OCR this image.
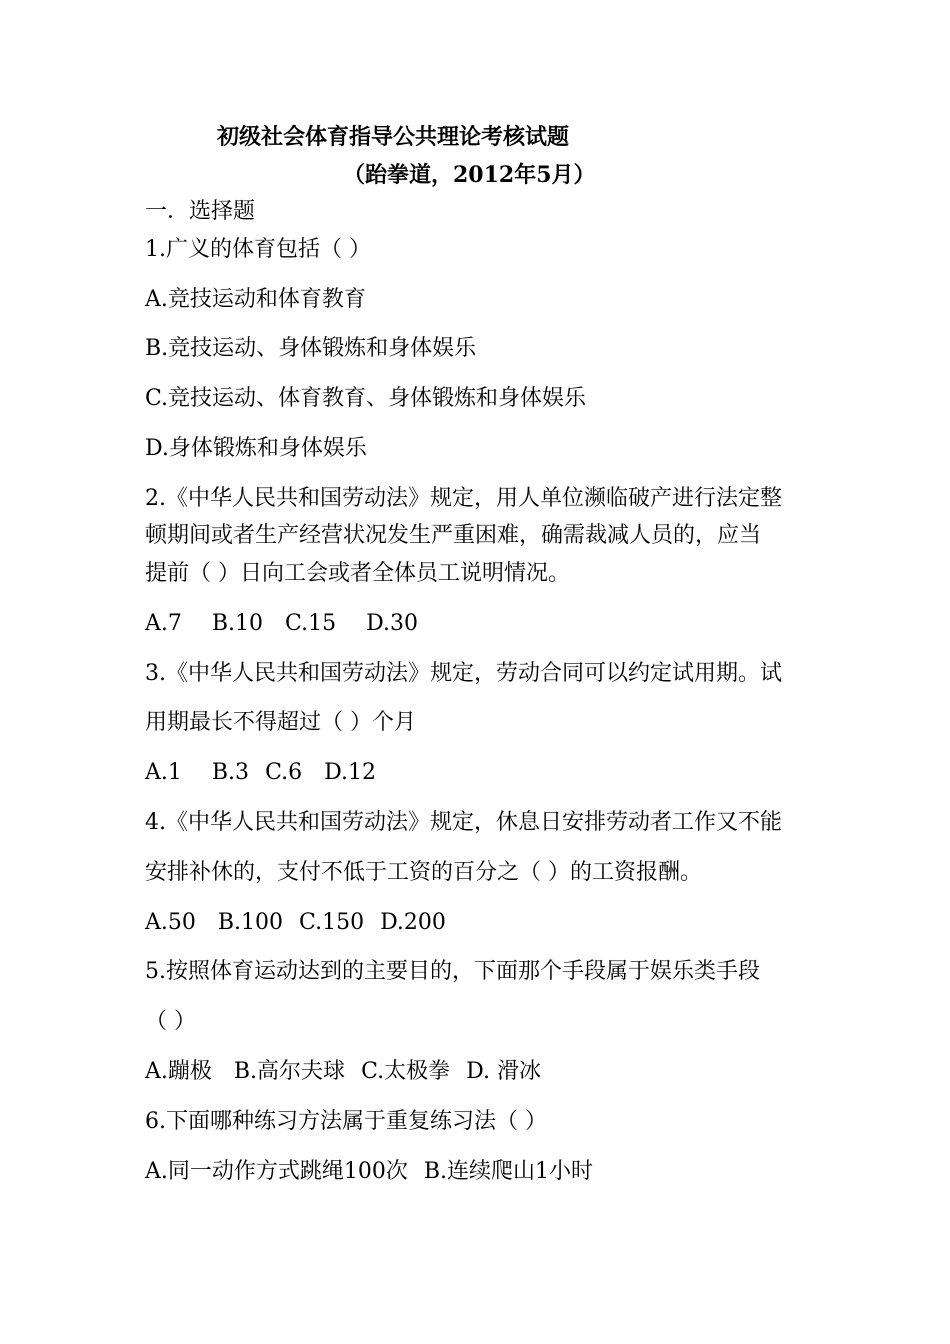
初级社会体育指导公共理论考核试题
（跆拳道，2012年5月）
一．选择题
1.广义的体育包括（ ）
A.竞技运动和体育教育
B.竞技运动、身体锻炼和身体娱乐
C.竞技运动、体育教育、身体锻炼和身体娱乐
D.身体锻炼和身体娱乐
2.《中华人民共和国劳动法》规定，用人单位濒临破产进行法定整
顿期间或者生产经营状况发生严重困难，确需裁减人员的，应当
提前（ ）日向工会或者全体员工说明情况。
A.7 B.10 C.15 D.30
3.《中华人民共和国劳动法》规定，劳动合同可以约定试用期。试
用期最长不得超过（ ）个月
A.1 B.3 C.6 D.12
4.《中华人民共和国劳动法》规定，休息日安排劳动者工作又不能
安排补休的，支付不低于工资的百分之（ ）的工资报酬。
A.50 B.100 C.150 D.200
5.按照体育运动达到的主要目的，下面那个手段属于娱乐类手段
（ ）
A.蹦极 B.高尔夫球 C.太极拳 D. 滑冰
6.下面哪种练习方法属于重复练习法（ ）
A.同一动作方式跳绳100次 B.连续爬山1小时
